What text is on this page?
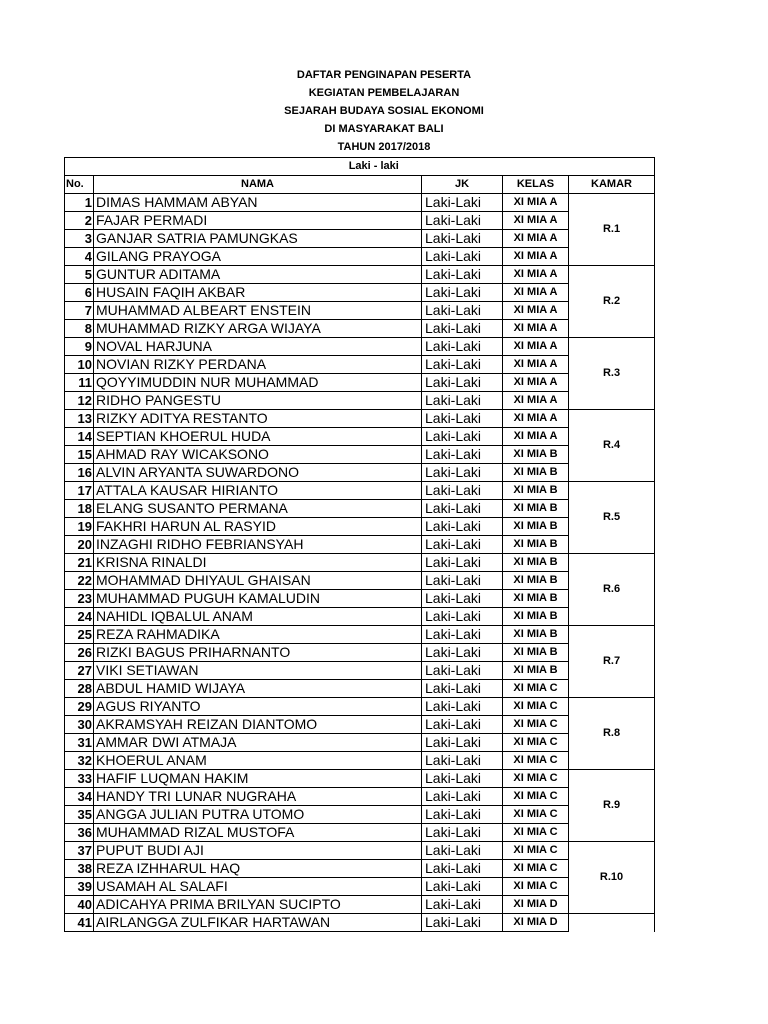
DAFTAR PENGINAPAN PESERTA
KEGIATAN PEMBELAJARAN
SEJARAH BUDAYA SOSIAL EKONOMI
DI MASYARAKAT BALI
TAHUN 2017/2018
	Laki - laki			
No.	NAMA	JK	KELAS	KAMAR
1	DIMAS HAMMAM ABYAN	Laki-Laki	XI MIA A	R.1
2	FAJAR PERMADI	Laki-Laki	XI MIA A	
3	GANJAR SATRIA PAMUNGKAS	Laki-Laki	XI MIA A	
4	GILANG PRAYOGA	Laki-Laki	XI MIA A	
5	GUNTUR ADITAMA	Laki-Laki	XI MIA A	R.2
6	HUSAIN FAQIH AKBAR	Laki-Laki	XI MIA A	
7	MUHAMMAD ALBEART ENSTEIN	Laki-Laki	XI MIA A	
8	MUHAMMAD RIZKY ARGA WIJAYA	Laki-Laki	XI MIA A	
9	NOVAL HARJUNA	Laki-Laki	XI MIA A	R.3
10	NOVIAN RIZKY PERDANA	Laki-Laki	XI MIA A	
11	QOYYIMUDDIN NUR MUHAMMAD	Laki-Laki	XI MIA A	
12	RIDHO PANGESTU	Laki-Laki	XI MIA A	
13	RIZKY ADITYA RESTANTO	Laki-Laki	XI MIA A	R.4
14	SEPTIAN KHOERUL HUDA	Laki-Laki	XI MIA A	
15	AHMAD RAY WICAKSONO	Laki-Laki	XI MIA B	
16	ALVIN ARYANTA SUWARDONO	Laki-Laki	XI MIA B	
17	ATTALA KAUSAR HIRIANTO	Laki-Laki	XI MIA B	R.5
18	ELANG SUSANTO PERMANA	Laki-Laki	XI MIA B	
19	FAKHRI HARUN AL RASYID	Laki-Laki	XI MIA B	
20	INZAGHI RIDHO FEBRIANSYAH	Laki-Laki	XI MIA B	
21	KRISNA RINALDI	Laki-Laki	XI MIA B	R.6
22	MOHAMMAD DHIYAUL GHAISAN	Laki-Laki	XI MIA B	
23	MUHAMMAD PUGUH KAMALUDIN	Laki-Laki	XI MIA B	
24	NAHIDL IQBALUL ANAM	Laki-Laki	XI MIA B	
25	REZA RAHMADIKA	Laki-Laki	XI MIA B	R.7
26	RIZKI BAGUS PRIHARNANTO	Laki-Laki	XI MIA B	
27	VIKI SETIAWAN	Laki-Laki	XI MIA B	
28	ABDUL HAMID WIJAYA	Laki-Laki	XI MIA C	
29	AGUS RIYANTO	Laki-Laki	XI MIA C	R.8
30	AKRAMSYAH REIZAN DIANTOMO	Laki-Laki	XI MIA C	
31	AMMAR DWI ATMAJA	Laki-Laki	XI MIA C	
32	KHOERUL ANAM	Laki-Laki	XI MIA C	
33	HAFIF LUQMAN HAKIM	Laki-Laki	XI MIA C	R.9
34	HANDY TRI LUNAR NUGRAHA	Laki-Laki	XI MIA C	
35	ANGGA JULIAN PUTRA UTOMO	Laki-Laki	XI MIA C	
36	MUHAMMAD RIZAL MUSTOFA	Laki-Laki	XI MIA C	
37	PUPUT BUDI AJI	Laki-Laki	XI MIA C	R.10
38	REZA IZHHARUL HAQ	Laki-Laki	XI MIA C	
39	USAMAH AL SALAFI	Laki-Laki	XI MIA C	
40	ADICAHYA PRIMA BRILYAN SUCIPTO	Laki-Laki	XI MIA D	
41	AIRLANGGA ZULFIKAR HARTAWAN	Laki-Laki	XI MIA D	
